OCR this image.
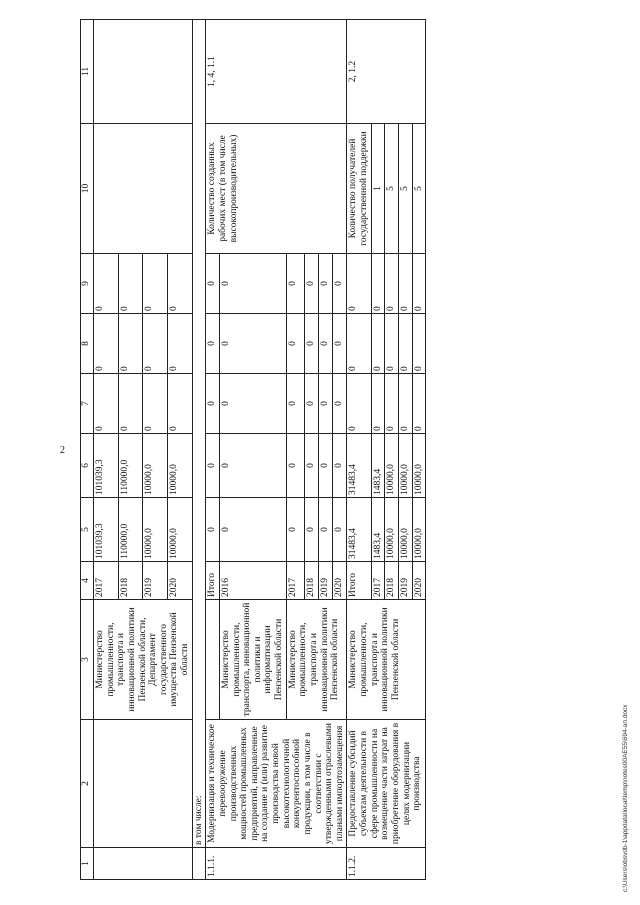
2
1	2	3	4	5	6	7	8	9	10	11
		Министерство промышленности, транспорта и инновационной политики Пензенской области, Департамент государственного имущества Пензенской области	2017	101039,3	101039,3	0	0	0		
			2018	110000,0	110000,0	0	0	0		
			2019	10000,0	10000,0	0	0	0		
			2020	10000,0	10000,0	0	0	0		
	в том числе:									
1.1.1.	Модернизация и техническое перевооружение производственных мощностей промышленных предприятий, направленные на создание и (или) развитие производства новой высокотехнологичной конкурентоспособной продукции, в том числе в соответствии с утвержденными отраслевыми планами импортозамещения		Итого	0	0	0	0	0	Количество созданных рабочих мест (в том числе высокопроизводительных)	1, 4, 1.1
		Министерство промышленности, транспорта, инновационной политики и информатизации Пензенской области	2016	0	0	0	0	0		
		Министерство промышленности, транспорта и инновационной политики Пензенской области	2017	0	0	0	0	0		
			2018	0	0	0	0	0		
			2019	0	0	0	0	0		
			2020	0	0	0	0	0		
1.1.2.	Предоставление субсидий субъектам деятельности в сфере промышленности на возмещение части затрат на приобретение оборудования в целях модернизации производства	Министерство промышленности, транспорта и инновационной политики Пензенской области	Итого	31483,4	31483,4	0	0	0	Количество получателей государственной поддержки	2, 1.2
			2017	1483,4	1483,4	0	0	0	1	
			2018	10000,0	10000,0	0	0	0	5	
			2019	10000,0	10000,0	0	0	0	5	
			2020	10000,0	10000,0	0	0	0	5	
c:\Users\obsvdb-1\appdata\local\temp\notes00AE55\694-ап.docx
